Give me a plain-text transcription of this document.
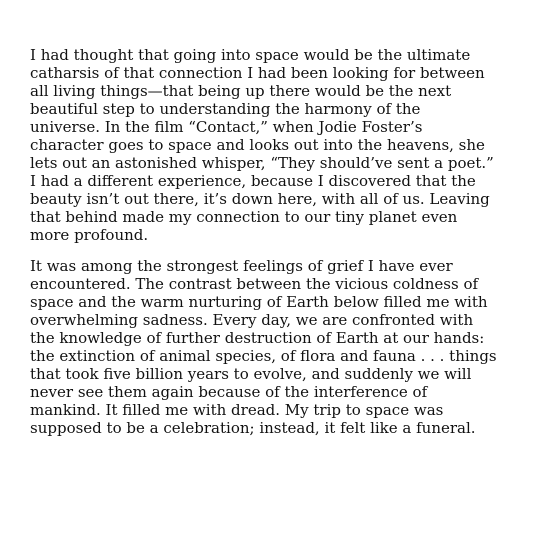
I had thought that going into space would be the ultimate
catharsis of that connection I had been looking for between
all living things—that being up there would be the next
beautiful step to understanding the harmony of the
universe. In the film “Contact,” when Jodie Foster’s
character goes to space and looks out into the heavens, she
lets out an astonished whisper, “They should’ve sent a poet.”
I had a different experience, because I discovered that the
beauty isn’t out there, it’s down here, with all of us. Leaving
that behind made my connection to our tiny planet even
more profound.
It was among the strongest feelings of grief I have ever
encountered. The contrast between the vicious coldness of
space and the warm nurturing of Earth below filled me with
overwhelming sadness. Every day, we are confronted with
the knowledge of further destruction of Earth at our hands:
the extinction of animal species, of flora and fauna . . . things
that took five billion years to evolve, and suddenly we will
never see them again because of the interference of
mankind. It filled me with dread. My trip to space was
supposed to be a celebration; instead, it felt like a funeral.
